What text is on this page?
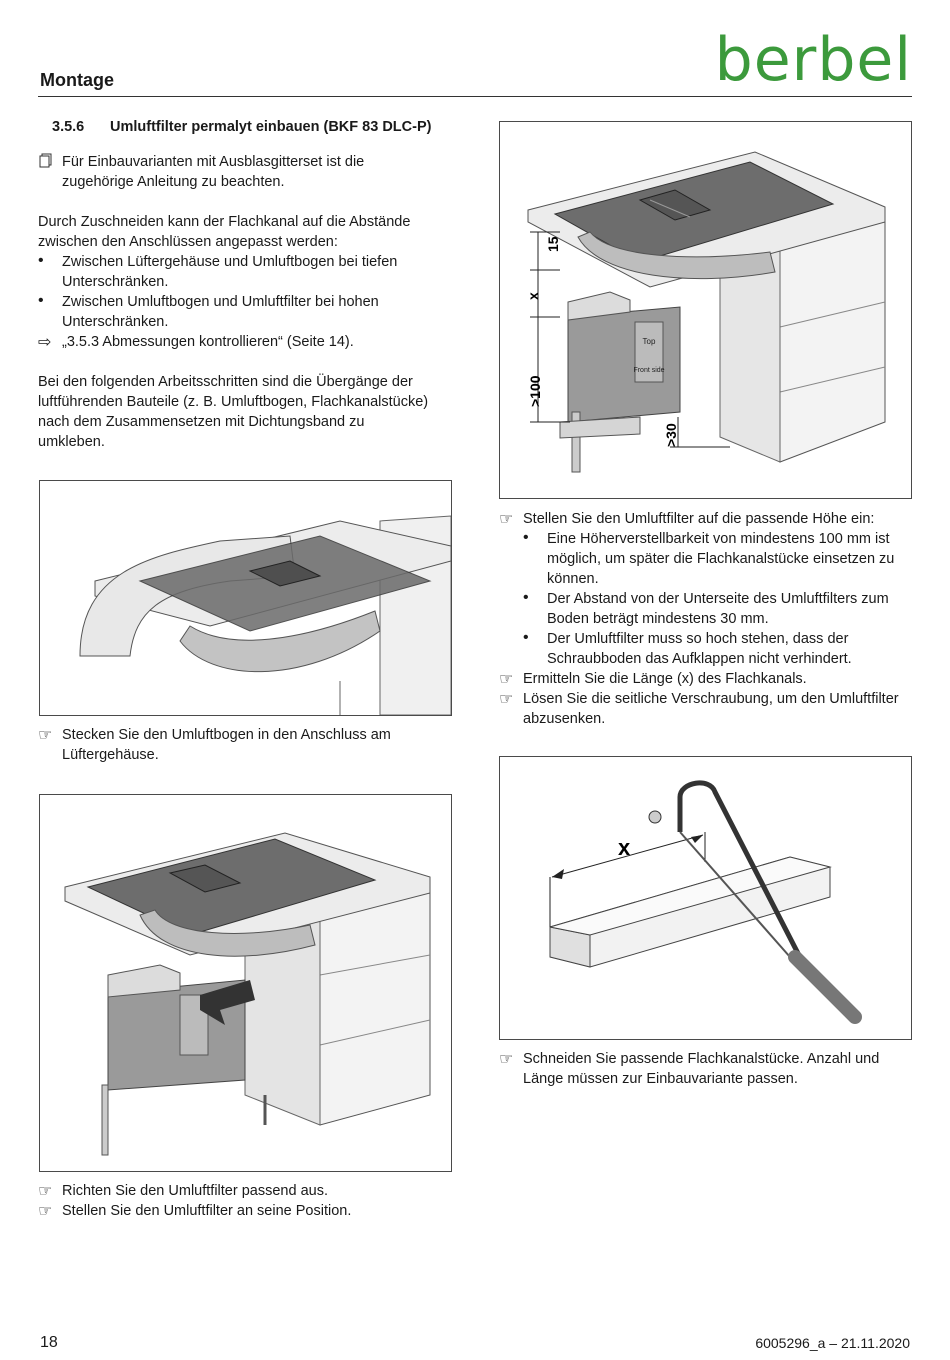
Montage	berbel
3.5.6 Umluftfilter permalyt einbauen (BKF 83 DLC-P)

Für Einbauvarianten mit Ausblasgitterset ist die

zugehörige Anleitung zu beachten.

Durch Zuschneiden kann der Flachkanal auf die Abstände

zwischen den Anschlüssen angepasst werden:

•	Zwischen Lüftergehäuse und Umluftbogen bei tiefen

Unterschränken.

•	Zwischen Umluftbogen und Umluftfilter bei hohen

Unterschränken.

⇨ „3.5.3 Abmessungen kontrollieren“ (Seite 14).

Bei den folgenden Arbeitsschritten sind die Übergänge der

luftführenden Bauteile (z. B. Umluftbogen, Flachkanalstücke)

nach dem Zusammensetzen mit Dichtungsband zu

umkleben.

Top
Front side
15
x
>100
>30
☞ Stellen Sie den Umluftfilter auf die passende Höhe ein:

•	Eine Höherverstellbarkeit von mindestens 100 mm ist

möglich, um später die Flachkanalstücke einsetzen zu

können.

•	Der Abstand von der Unterseite des Umluftfilters zum

Boden beträgt mindestens 30 mm.

•	Der Umluftfilter muss so hoch stehen, dass der

Schraubboden das Aufklappen nicht verhindert.

☞ Ermitteln Sie die Länge (x) des Flachkanals.

☞ Lösen Sie die seitliche Verschraubung, um den Umluftfilter

abzusenken.

☞ Stecken Sie den Umluftbogen in den Anschluss am

Lüftergehäuse.

x
☞ Schneiden Sie passende Flachkanalstücke. Anzahl und

Länge müssen zur Einbauvariante passen.

☞ Richten Sie den Umluftfilter passend aus.

☞ Stellen Sie den Umluftfilter an seine Position.

18	6005296_a – 21.11.2020
